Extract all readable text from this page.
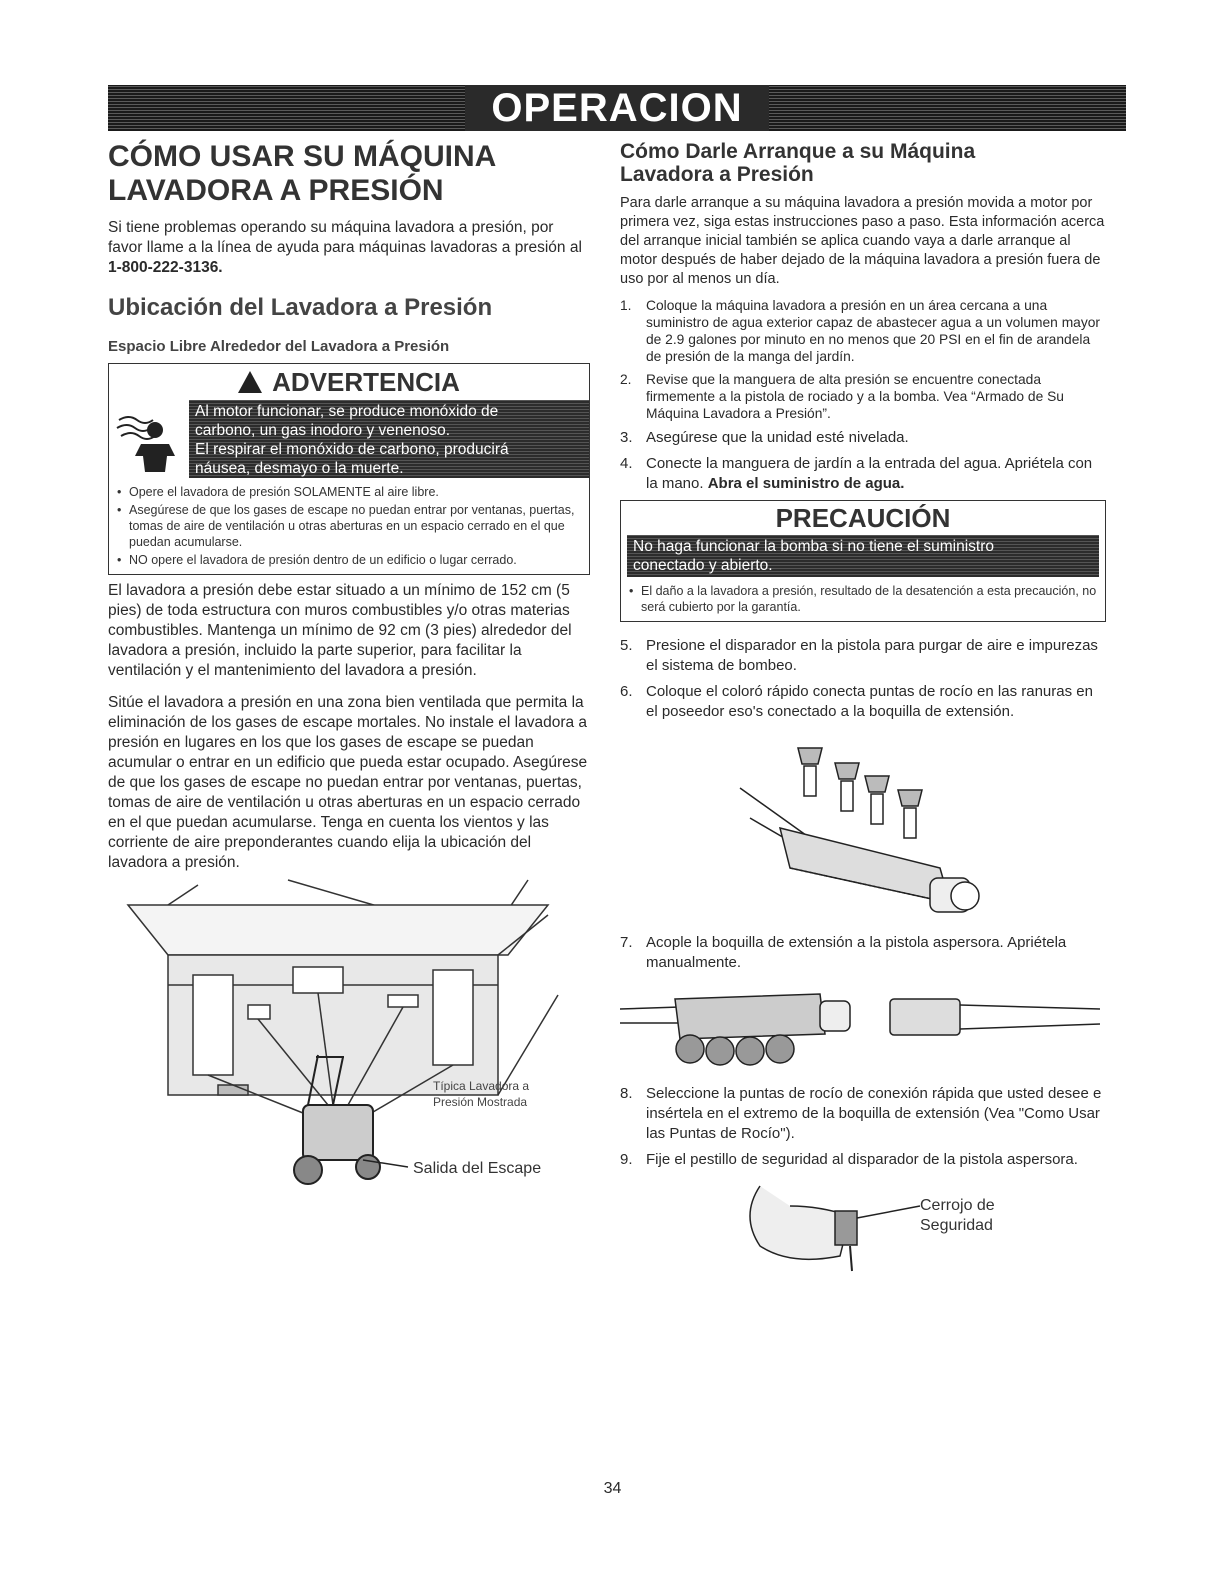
OPERACION
CÓMO USAR SU MÁQUINA
LAVADORA A PRESIÓN

Si tiene problemas operando su máquina lavadora a presión, por favor llame a la línea de ayuda para máquinas lavadoras a presión al 1-800-222-3136.

Ubicación del Lavadora a Presión
Espacio Libre Alrededor del Lavadora a Presión
ADVERTENCIA
Al motor funcionar, se produce monóxido de
carbono, un gas inodoro y venenoso.
El respirar el monóxido de carbono, producirá
náusea, desmayo o la muerte.
• Opere el lavadora de presión SOLAMENTE al aire libre.
• Asegúrese de que los gases de escape no puedan entrar por ventanas, puertas, tomas de aire de ventilación u otras aberturas en un espacio cerrado en el que puedan acumularse.
• NO opere el lavadora de presión dentro de un edificio o lugar cerrado.

El lavadora a presión debe estar situado a un mínimo de 152 cm (5 pies) de toda estructura con muros combustibles y/o otras materias combustibles. Mantenga un mínimo de 92 cm (3 pies) alrededor del lavadora a presión, incluido la parte superior, para facilitar la ventilación y el mantenimiento del lavadora a presión.

Sitúe el lavadora a presión en una zona bien ventilada que permita la eliminación de los gases de escape mortales. No instale el lavadora a presión en lugares en los que los gases de escape se puedan acumular o entrar en un edificio que pueda estar ocupado. Asegúrese de que los gases de escape no puedan entrar por ventanas, puertas, tomas de aire de ventilación u otras aberturas en un espacio cerrado en el que puedan acumularse. Tenga en cuenta los vientos y las corriente de aire preponderantes cuando elija la ubicación del lavadora a presión.

Típica Lavadora a
Presión Mostrada
Salida del Escape
Cómo Darle Arranque a su Máquina
Lavadora a Presión

Para darle arranque a su máquina lavadora a presión movida a motor por primera vez, siga estas instrucciones paso a paso. Esta información acerca del arranque inicial también se aplica cuando vaya a darle arranque al motor después de haber dejado de la máquina lavadora a presión fuera de uso por al menos un día.

1.	Coloque la máquina lavadora a presión en un área cercana a una suministro de agua exterior capaz de abastecer agua a un volumen mayor de 2.9 galones por minuto en no menos que 20 PSI en el fin de arandela de presión de la manga del jardín.
2.	Revise que la manguera de alta presión se encuentre conectada firmemente a la pistola de rociado y a la bomba. Vea “Armado de Su Máquina Lavadora a Presión”.
3. Asegúrese que la unidad esté nivelada.
4. Conecte la manguera de jardín a la entrada del agua. Apriétela con la mano. Abra el suministro de agua.
PRECAUCIÓN
No haga funcionar la bomba si no tiene el suministro
conectado y abierto.
• El daño a la lavadora a presión, resultado de la desatención a esta precaución, no será cubierto por la garantía.
5. Presione el disparador en la pistola para purgar de aire e impurezas el sistema de bombeo.
6. Coloque el coloró rápido conecta puntas de rocío en las ranuras en el poseedor eso's conectado a la boquilla de extensión.
7. Acople la boquilla de extensión a la pistola aspersora. Apriétela manualmente.
8. Seleccione la puntas de rocío de conexión rápida que usted desee e insértela en el extremo de la boquilla de extensión (Vea "Como Usar las Puntas de Rocío").
9. Fije el pestillo de seguridad al disparador de la pistola aspersora.
Cerrojo de
Seguridad
34
